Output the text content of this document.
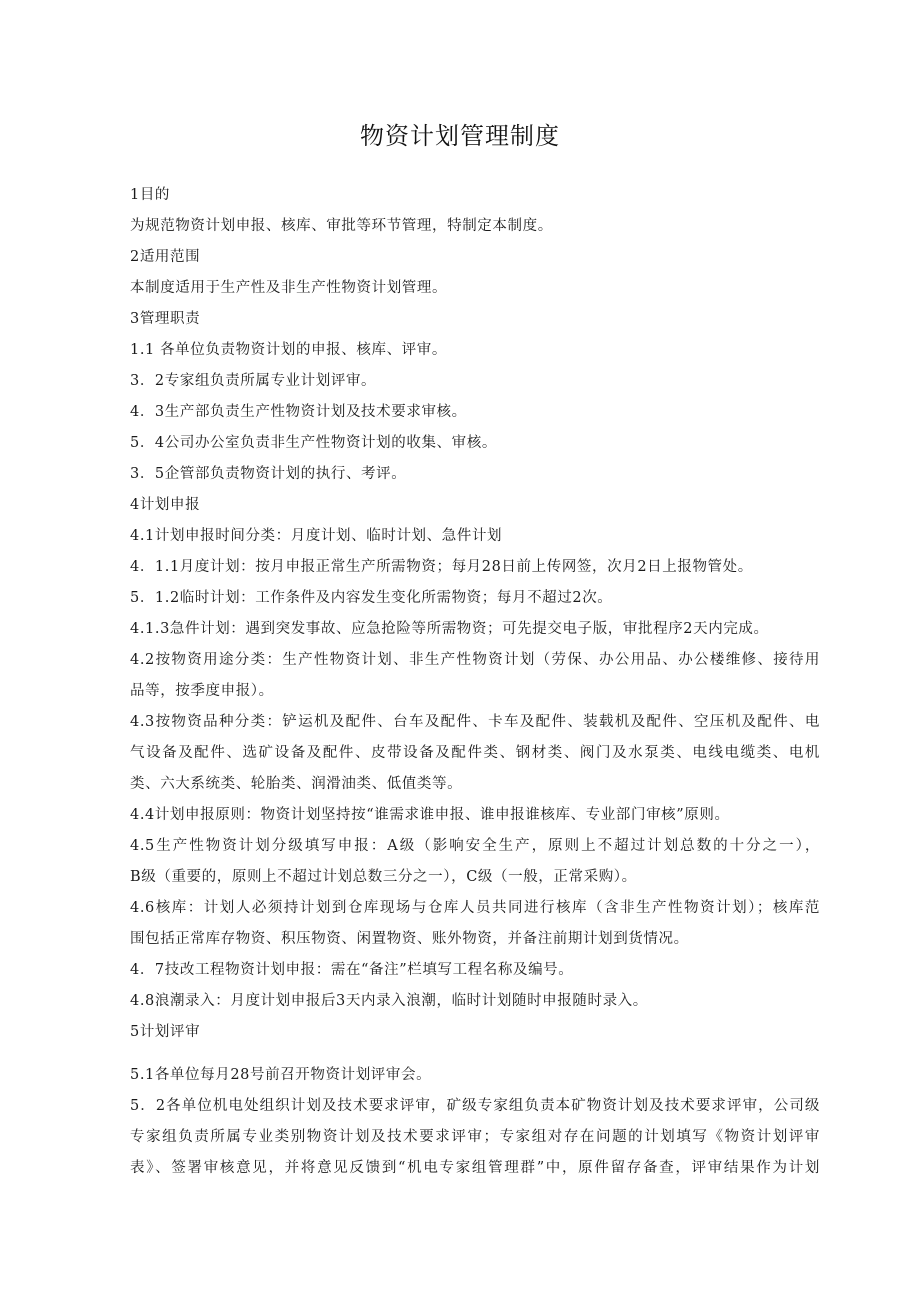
物资计划管理制度
1目的
为规范物资计划申报、核库、审批等环节管理，特制定本制度。
2适用范围
本制度适用于生产性及非生产性物资计划管理。
3管理职责
1.1 各单位负责物资计划的申报、核库、评审。
3．2专家组负责所属专业计划评审。
4．3生产部负责生产性物资计划及技术要求审核。
5．4公司办公室负责非生产性物资计划的收集、审核。
3．5企管部负责物资计划的执行、考评。
4计划申报
4.1计划申报时间分类：月度计划、临时计划、急件计划
4．1.1月度计划：按月申报正常生产所需物资；每月28日前上传网签，次月2日上报物管处。
5．1.2临时计划：工作条件及内容发生变化所需物资；每月不超过2次。
4.1.3急件计划：遇到突发事故、应急抢险等所需物资；可先提交电子版，审批程序2天内完成。
4.2按物资用途分类：生产性物资计划、非生产性物资计划（劳保、办公用品、办公楼维修、接待用
品等，按季度申报）。
4.3按物资品种分类：铲运机及配件、台车及配件、卡车及配件、装载机及配件、空压机及配件、电
气设备及配件、选矿设备及配件、皮带设备及配件类、钢材类、阀门及水泵类、电线电缆类、电机
类、六大系统类、轮胎类、润滑油类、低值类等。
4.4计划申报原则：物资计划坚持按“谁需求谁申报、谁申报谁核库、专业部门审核”原则。
4.5生产性物资计划分级填写申报：A级（影响安全生产，原则上不超过计划总数的十分之一），
B级（重要的，原则上不超过计划总数三分之一），C级（一般，正常采购）。
4.6核库：计划人必须持计划到仓库现场与仓库人员共同进行核库（含非生产性物资计划）；核库范
围包括正常库存物资、积压物资、闲置物资、账外物资，并备注前期计划到货情况。
4．7技改工程物资计划申报：需在“备注”栏填写工程名称及编号。
4.8浪潮录入：月度计划申报后3天内录入浪潮，临时计划随时申报随时录入。
5计划评审
5.1各单位每月28号前召开物资计划评审会。
5．2各单位机电处组织计划及技术要求评审，矿级专家组负责本矿物资计划及技术要求评审，公司级
专家组负责所属专业类别物资计划及技术要求评审；专家组对存在问题的计划填写《物资计划评审
表》、签署审核意见，并将意见反馈到“机电专家组管理群”中，原件留存备查，评审结果作为计划
